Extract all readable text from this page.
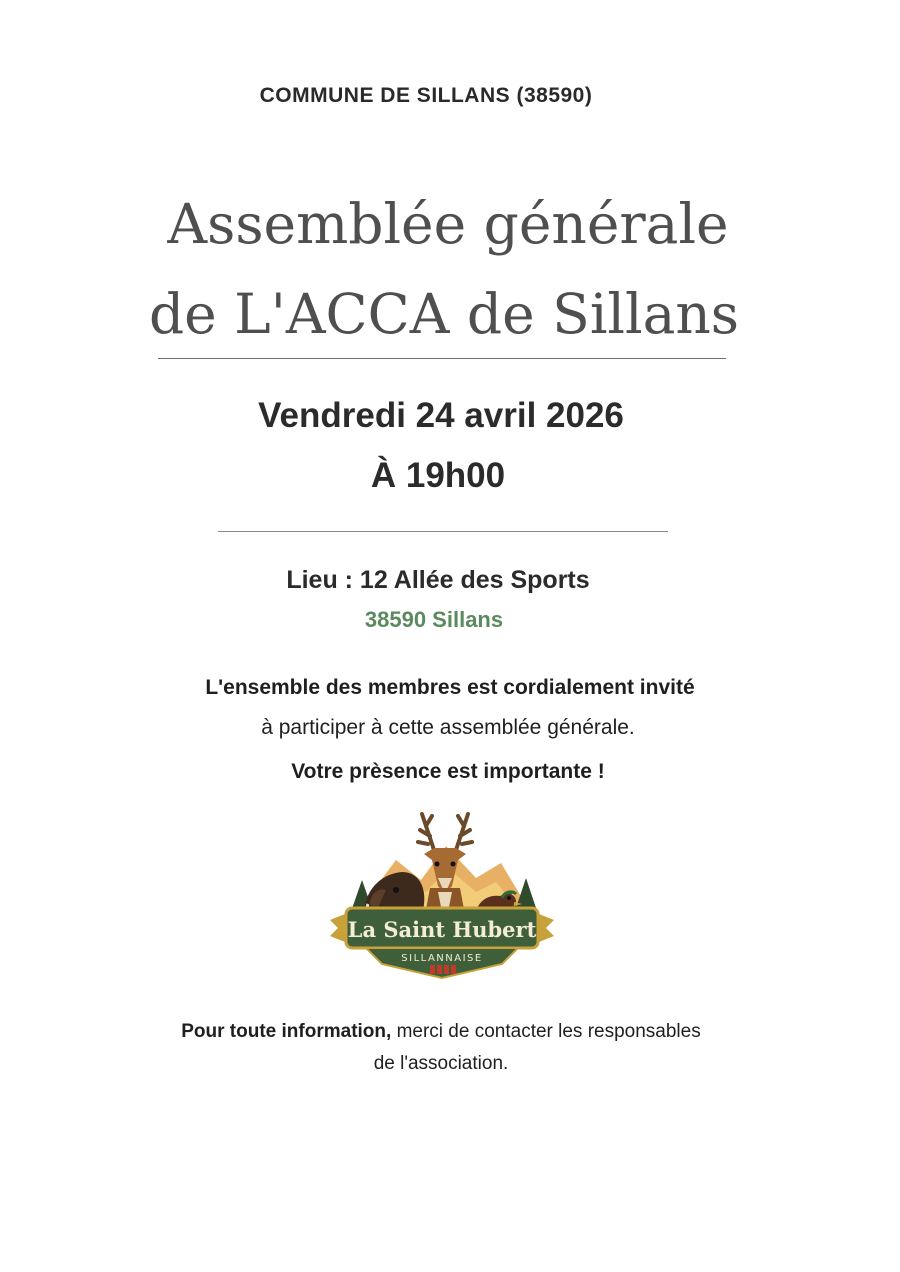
COMMUNE DE SILLANS (38590)
Assemblée générale
de L'ACCA de Sillans
Vendredi 24 avril 2026
À 19h00
Lieu : 12 Allée des Sports
38590 Sillans
L'ensemble des membres est cordialement invité
à participer à cette assemblée générale.
Votre prèsence est importante !
La Saint Hubert
SILLANNAISE
Pour toute information, merci de contacter les responsables
de l'association.
